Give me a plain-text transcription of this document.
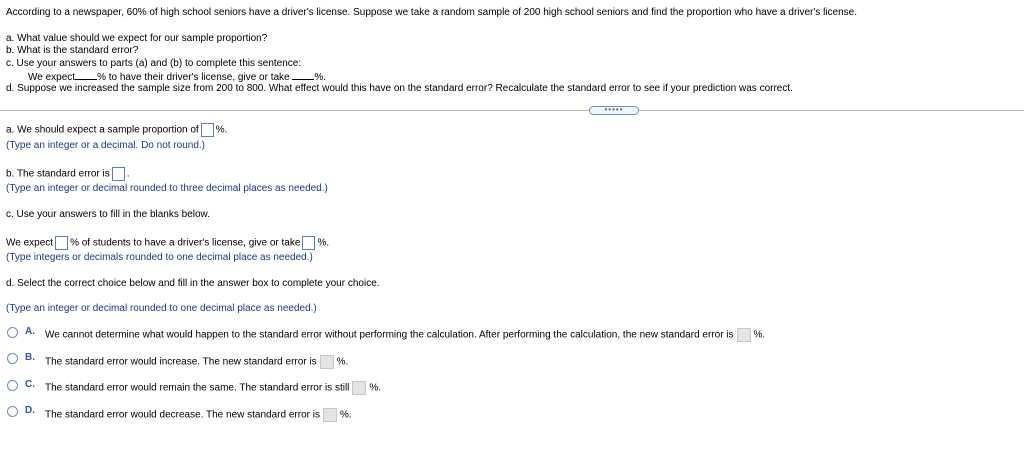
According to a newspaper, 60% of high school seniors have a driver's license. Suppose we take a random sample of 200 high school seniors and find the proportion who have a driver's license.
a. What value should we expect for our sample proportion?
b. What is the standard error?
c. Use your answers to parts (a) and (b) to complete this sentence:
We expect % to have their driver's license, give or take %.
d. Suppose we increased the sample size from 200 to 800. What effect would this have on the standard error? Recalculate the standard error to see if your prediction was correct.
•••••
a. We should expect a sample proportion of %.
(Type an integer or a decimal. Do not round.)
b. The standard error is .
(Type an integer or decimal rounded to three decimal places as needed.)
c. Use your answers to fill in the blanks below.
We expect % of students to have a driver's license, give or take %.
(Type integers or decimals rounded to one decimal place as needed.)
d. Select the correct choice below and fill in the answer box to complete your choice.
(Type an integer or decimal rounded to one decimal place as needed.)
A. We cannot determine what would happen to the standard error without performing the calculation. After performing the calculation, the new standard error is %.
B. The standard error would increase. The new standard error is %.
C. The standard error would remain the same. The standard error is still %.
D. The standard error would decrease. The new standard error is %.
